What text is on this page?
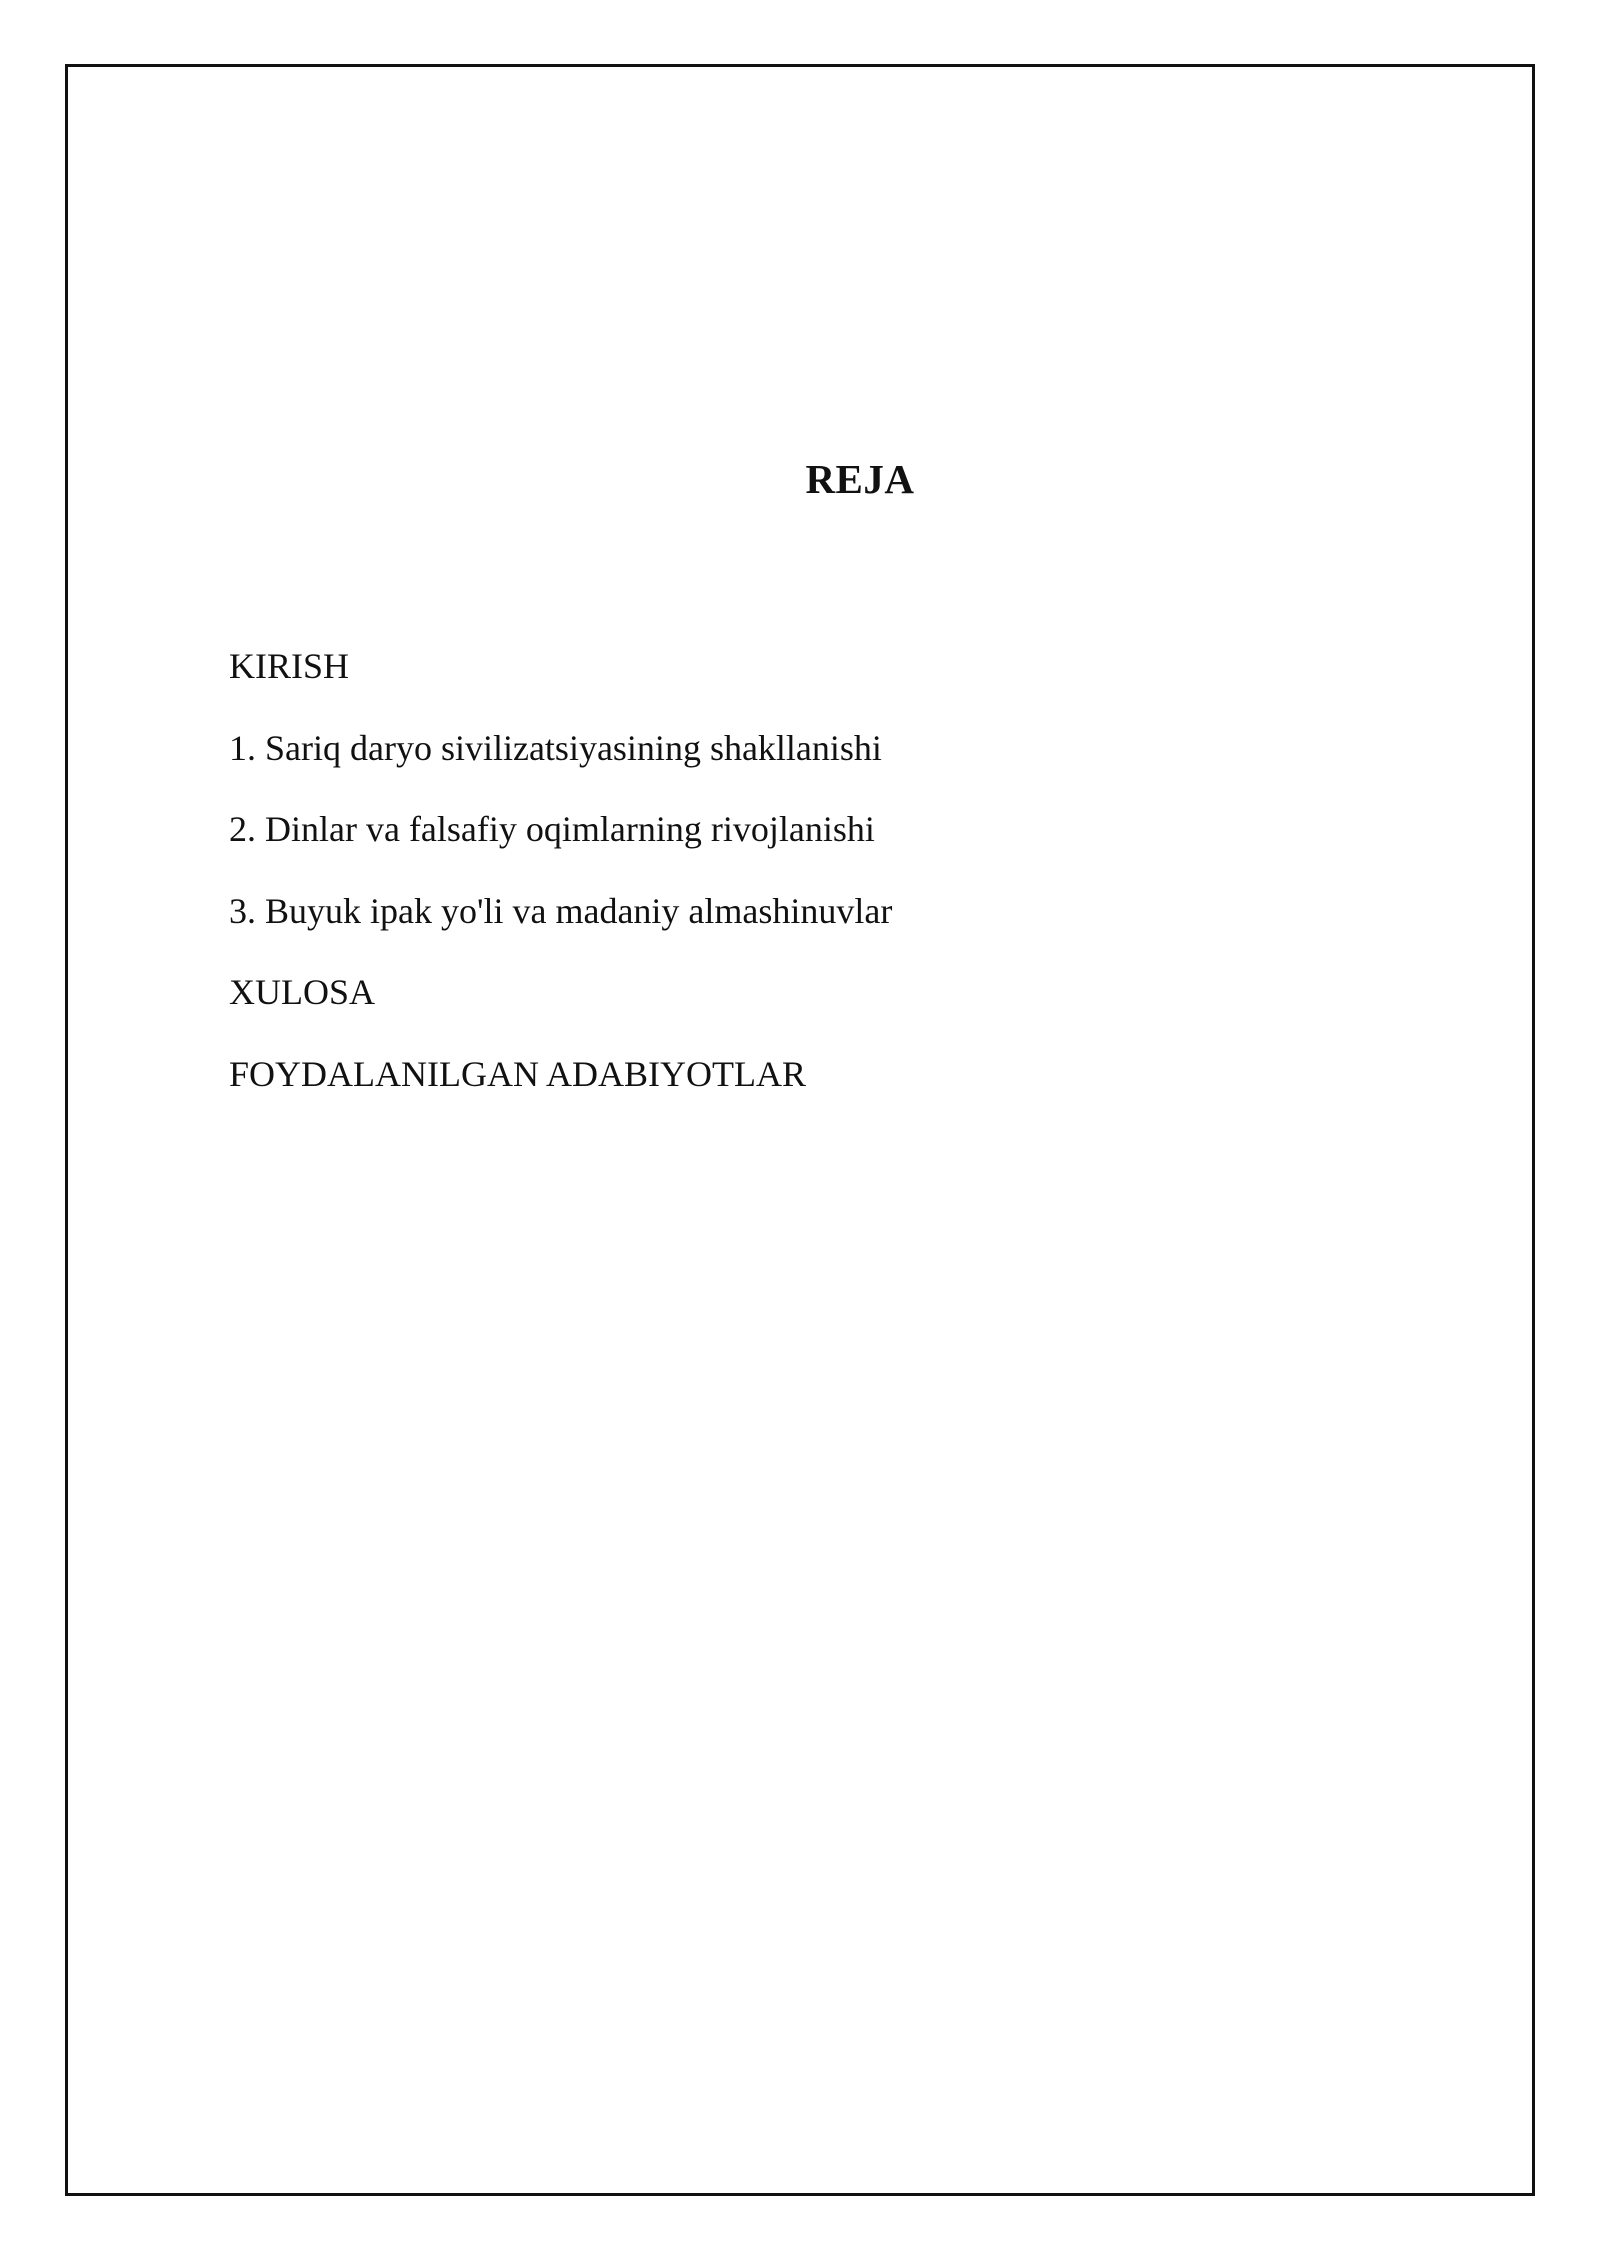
REJA
KIRISH
1. Sariq daryo sivilizatsiyasining shakllanishi
2. Dinlar va falsafiy oqimlarning rivojlanishi
3. Buyuk ipak yo'li va madaniy almashinuvlar
XULOSA
FOYDALANILGAN ADABIYOTLAR
